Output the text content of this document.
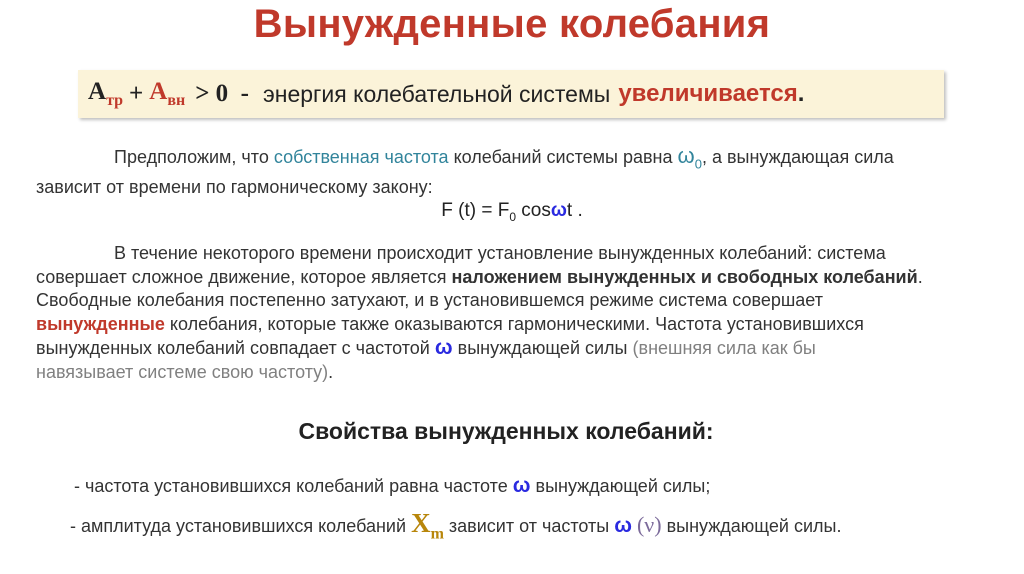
Вынужденные колебания
$A_{тр} + A_{вн} > 0$  - энергия колебательной системы увеличивается .
Предположим, что собственная частота колебаний системы равна $\omega_0$, а вынуждающая сила
зависит от времени по гармоническому закону:
F $(t) = F_0$ cosωt .
В течение некоторого времени происходит установление вынужденных колебаний: система
совершает сложное движение, которое является наложением вынужденных и свободных колебаний.
Свободные колебания постепенно затухают, и в установившемся режиме система совершает
вынужденные колебания, которые также оказываются гармоническими. Частота установившихся
вынужденных колебаний совпадает с частотой ω вынуждающей силы (внешняя сила как бы
навязывает системе свою частоту).
Свойства вынужденных колебаний:
- частота установившихся колебаний равна частоте ω вынуждающей силы;
- амплитуда установившихся колебаний $X_m$ зависит от частоты ω (ν) вынуждающей силы.
